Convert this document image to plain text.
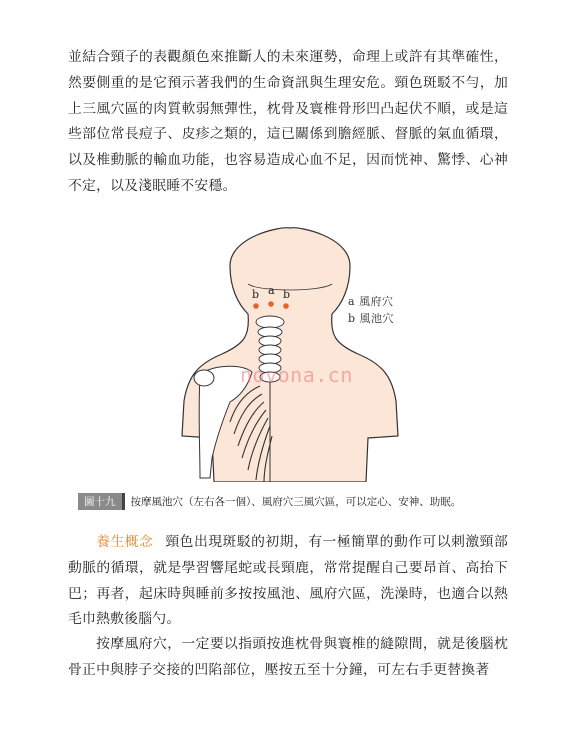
並結合頸子的表觀顏色來推斷人的未來運勢，命理上或許有其準確性，然要側重的是它預示著我們的生命資訊與生理安危。頸色斑駁不勻，加上三風穴區的肉質軟弱無彈性，枕骨及寰椎骨形凹凸起伏不順，或是這些部位常長痘子、皮疹之類的，這已關係到膽經脈、督脈的氣血循環，以及椎動脈的輸血功能，也容易造成心血不足，因而恍神、驚悸、心神不定，以及淺眠睡不安穩。

b a b
a 風府穴
b 風池穴
novona.cn
圖十九 按摩風池穴（左右各一個）、風府穴三風穴區，可以定心、安神、助眠。

養生概念 頸色出現斑駁的初期，有一極簡單的動作可以刺激頸部動脈的循環，就是學習響尾蛇或長頸鹿，常常提醒自己要昂首、高抬下巴；再者，起床時與睡前多按按風池、風府穴區，洗澡時，也適合以熱毛巾熱敷後腦勺。

按摩風府穴，一定要以指頭按進枕骨與寰椎的縫隙間，就是後腦枕骨正中與脖子交接的凹陷部位，壓按五至十分鐘，可左右手更替換著
